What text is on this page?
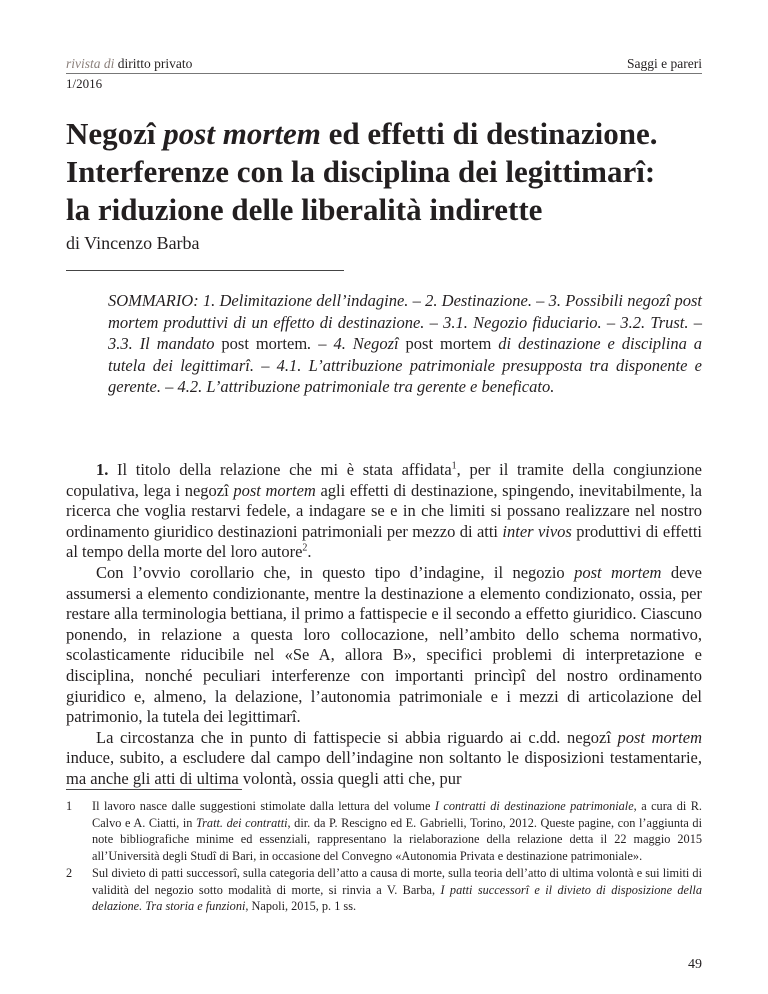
rivista di diritto privato	Saggi e pareri
1/2016
Negozî post mortem ed effetti di destinazione.
Interferenze con la disciplina dei legittimarî:
la riduzione delle liberalità indirette
di Vincenzo Barba
SOMMARIO: 1. Delimitazione dell’indagine. – 2. Destinazione. – 3. Possibili negozî post mortem produttivi di un effetto di destinazione. – 3.1. Negozio fiduciario. – 3.2. Trust. – 3.3. Il mandato post mortem. – 4. Negozî post mortem di destinazione e disciplina a tutela dei legittimarî. – 4.1. L’attribuzione patrimoniale presupposta tra disponente e gerente. – 4.2. L’attribuzione patrimoniale tra gerente e beneficato.

1. Il titolo della relazione che mi è stata affidata$^1$, per il tramite della congiunzione copulativa, lega i negozî post mortem agli effetti di destinazione, spingendo, inevitabilmente, la ricerca che voglia restarvi fedele, a indagare se e in che limiti si possano realizzare nel nostro ordinamento giuridico destinazioni patrimoniali per mezzo di atti inter vivos produttivi di effetti al tempo della morte del loro autore$^2$.

Con l’ovvio corollario che, in questo tipo d’indagine, il negozio post mortem deve assumersi a elemento condizionante, mentre la destinazione a elemento condizionato, ossia, per restare alla terminologia bettiana, il primo a fattispecie e il secondo a effetto giuridico. Ciascuno ponendo, in relazione a questa loro collocazione, nell’ambito dello schema normativo, scolasticamente riducibile nel «Se A, allora B», specifici problemi di interpretazione e disciplina, nonché peculiari interferenze con importanti princìpî del nostro ordinamento giuridico e, almeno, la delazione, l’autonomia patrimoniale e i mezzi di articolazione del patrimonio, la tutela dei legittimarî.

La circostanza che in punto di fattispecie si abbia riguardo ai c.dd. negozî post mortem induce, subito, a escludere dal campo dell’indagine non soltanto le disposizioni testamentarie, ma anche gli atti di ultima volontà, ossia quegli atti che, pur

1	Il lavoro nasce dalle suggestioni stimolate dalla lettura del volume I contratti di destinazione patrimoniale, a cura di R. Calvo e A. Ciatti, in Tratt. dei contratti, dir. da P. Rescigno ed E. Gabrielli, Torino, 2012. Queste pagine, con l’aggiunta di note bibliografiche minime ed essenziali, rappresentano la rielaborazione della relazione detta il 22 maggio 2015 all’Università degli Studî di Bari, in occasione del Convegno «Autonomia Privata e destinazione patrimoniale».
2	Sul divieto di patti successorî, sulla categoria dell’atto a causa di morte, sulla teoria dell’atto di ultima volontà e sui limiti di validità del negozio sotto modalità di morte, si rinvia a V. Barba, I patti successorî e il divieto di disposizione della delazione. Tra storia e funzioni, Napoli, 2015, p. 1 ss.
49
